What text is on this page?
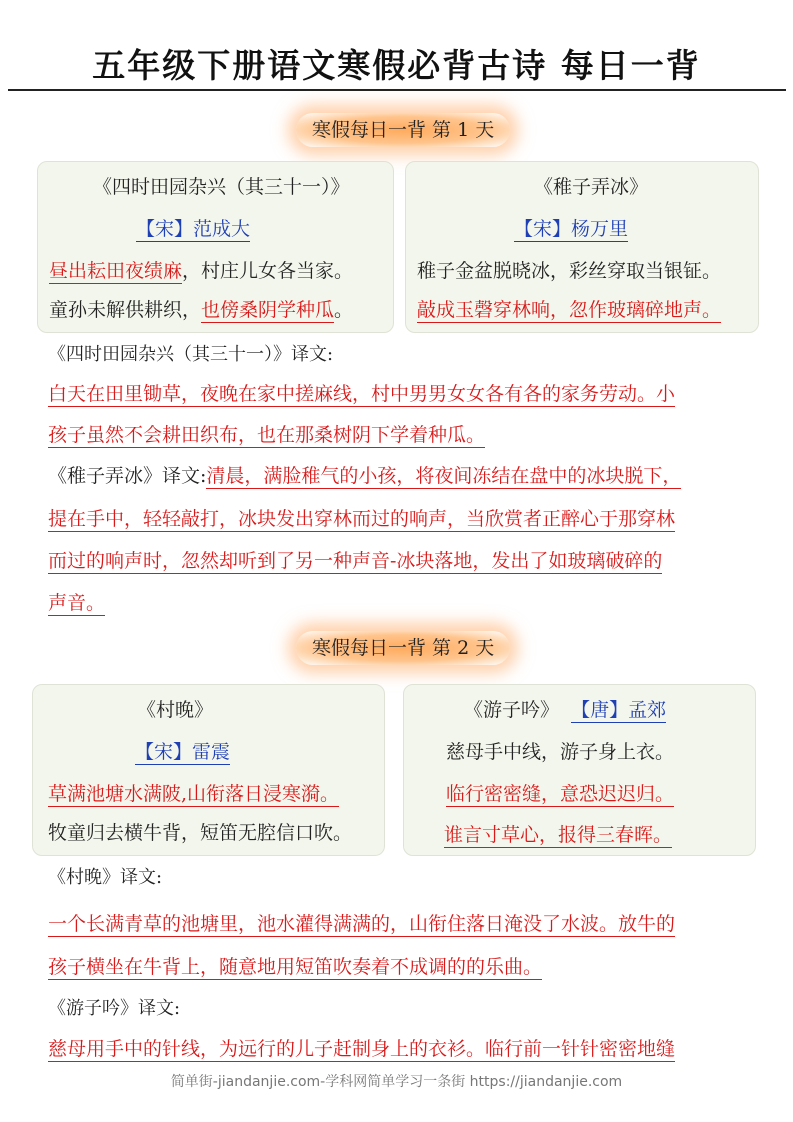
五年级下册语文寒假必背古诗 每日一背
寒假每日一背 第 1 天
《四时田园杂兴（其三十一）》
【宋】范成大
昼出耘田夜绩麻，村庄儿女各当家。
童孙未解供耕织，也傍桑阴学种瓜。
《稚子弄冰》
【宋】杨万里
稚子金盆脱晓冰，彩丝穿取当银钲。
敲成玉磬穿林响，忽作玻璃碎地声。
《四时田园杂兴（其三十一）》译文:
白天在田里锄草，夜晚在家中搓麻线，村中男男女女各有各的家务劳动。小
孩子虽然不会耕田织布，也在那桑树阴下学着种瓜。
《稚子弄冰》译文:清晨，满脸稚气的小孩，将夜间冻结在盘中的冰块脱下，
提在手中，轻轻敲打，冰块发出穿林而过的响声，当欣赏者正醉心于那穿林
而过的响声时，忽然却听到了另一种声音-冰块落地，发出了如玻璃破碎的
声音。
寒假每日一背 第 2 天
《村晚》
【宋】雷震
草满池塘水满陂,山衔落日浸寒漪。
牧童归去横牛背，短笛无腔信口吹。
《游子吟》 【唐】孟郊
慈母手中线，游子身上衣。
临行密密缝，意恐迟迟归。
谁言寸草心，报得三春晖。
《村晚》译文:
一个长满青草的池塘里，池水灌得满满的，山衔住落日淹没了水波。放牛的
孩子横坐在牛背上，随意地用短笛吹奏着不成调的的乐曲。
《游子吟》译文:
慈母用手中的针线，为远行的儿子赶制身上的衣衫。临行前一针针密密地缝
简单街-jiandanjie.com-学科网简单学习一条街 https://jiandanjie.com
